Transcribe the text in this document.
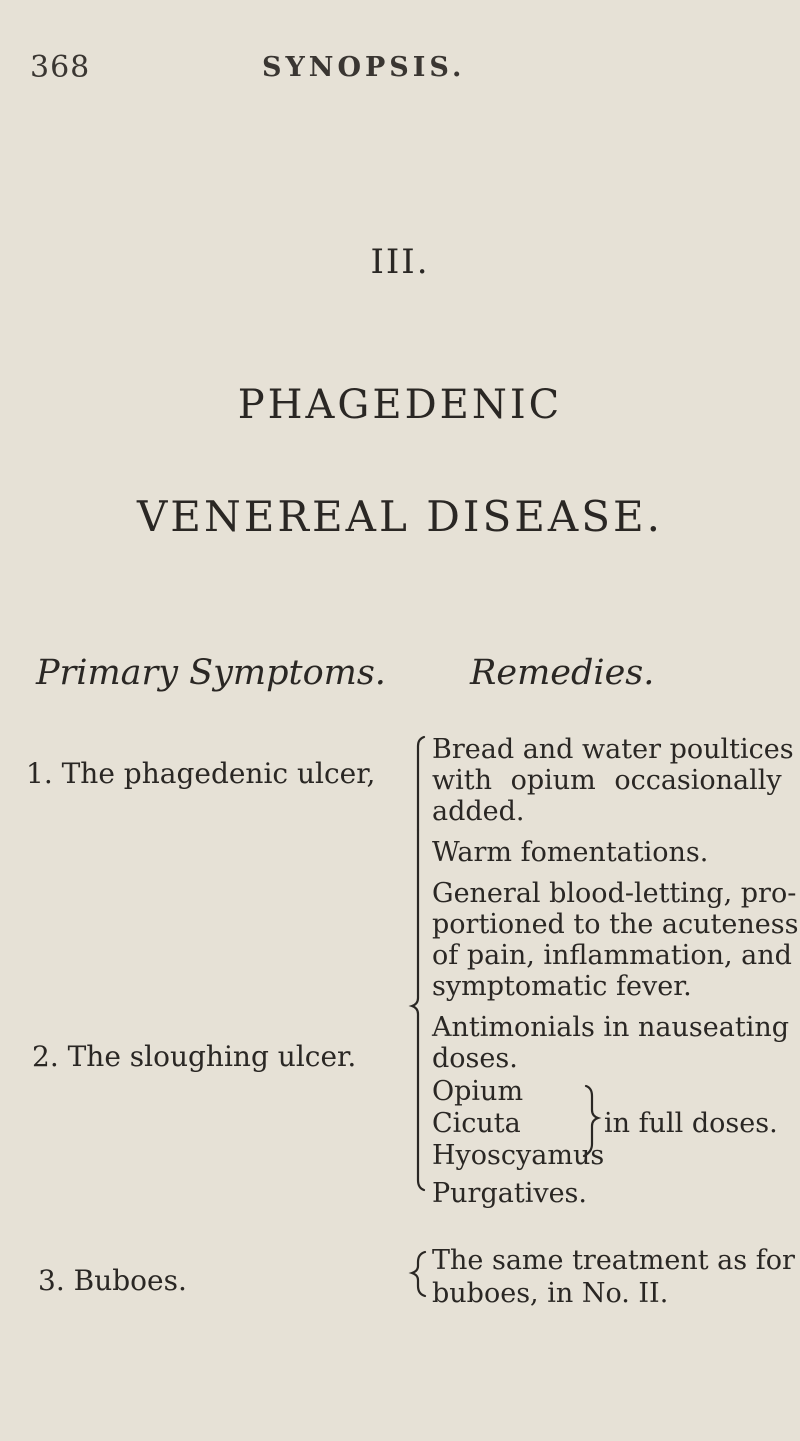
368	SYNOPSIS.
III.
PHAGEDENIC
VENEREAL DISEASE.
Primary Symptoms. Remedies.
1. The phagedenic ulcer,
Bread and water poultices
with opium occasionally
added.
Warm fomentations.
General blood-letting, pro-
portioned to the acuteness
of pain, inflammation, and
symptomatic fever.
Antimonials in nauseating
2. The sloughing ulcer.	doses.
Opium
Cicuta
Hyoscyamus
in full doses.
Purgatives.
3. Buboes.
The same treatment as for
buboes, in No. II.
